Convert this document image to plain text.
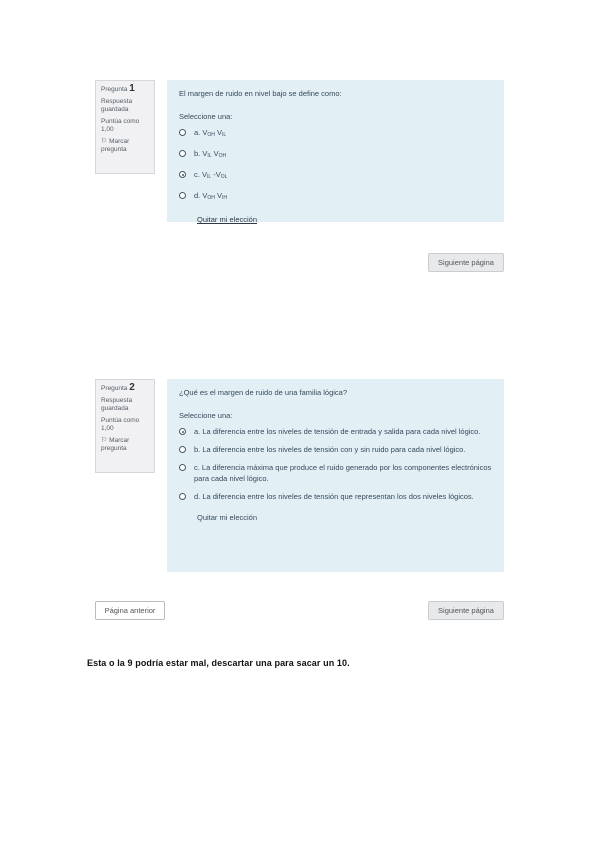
Pregunta 1
Respuesta guardada
Puntúa como 1,00
⚐ Marcar pregunta
El margen de ruido en nivel bajo se define como:
Seleccione una:
a. $V_{OH}$ $V_{IL}$
b. $V_{IL}$ $V_{OH}$
c. $V_{IL}$ $-V_{OL}$
d. $V_{OH}$ $V_{IH}$
Quitar mi elección
Siguiente página
Pregunta 2
Respuesta guardada
Puntúa como 1,00
⚐ Marcar pregunta
¿Qué es el margen de ruido de una familia lógica?
Seleccione una:
a. La diferencia entre los niveles de tensión de entrada y salida para cada nivel lógico.
b. La diferencia entre los niveles de tensión con y sin ruido para cada nivel lógico.
c. La diferencia máxima que produce el ruido generado por los componentes electrónicos para cada nivel lógico.
d. La diferencia entre los niveles de tensión que representan los dos niveles lógicos.
Quitar mi elección
Página anterior	Siguiente página
Esta o la 9 podría estar mal, descartar una para sacar un 10.
